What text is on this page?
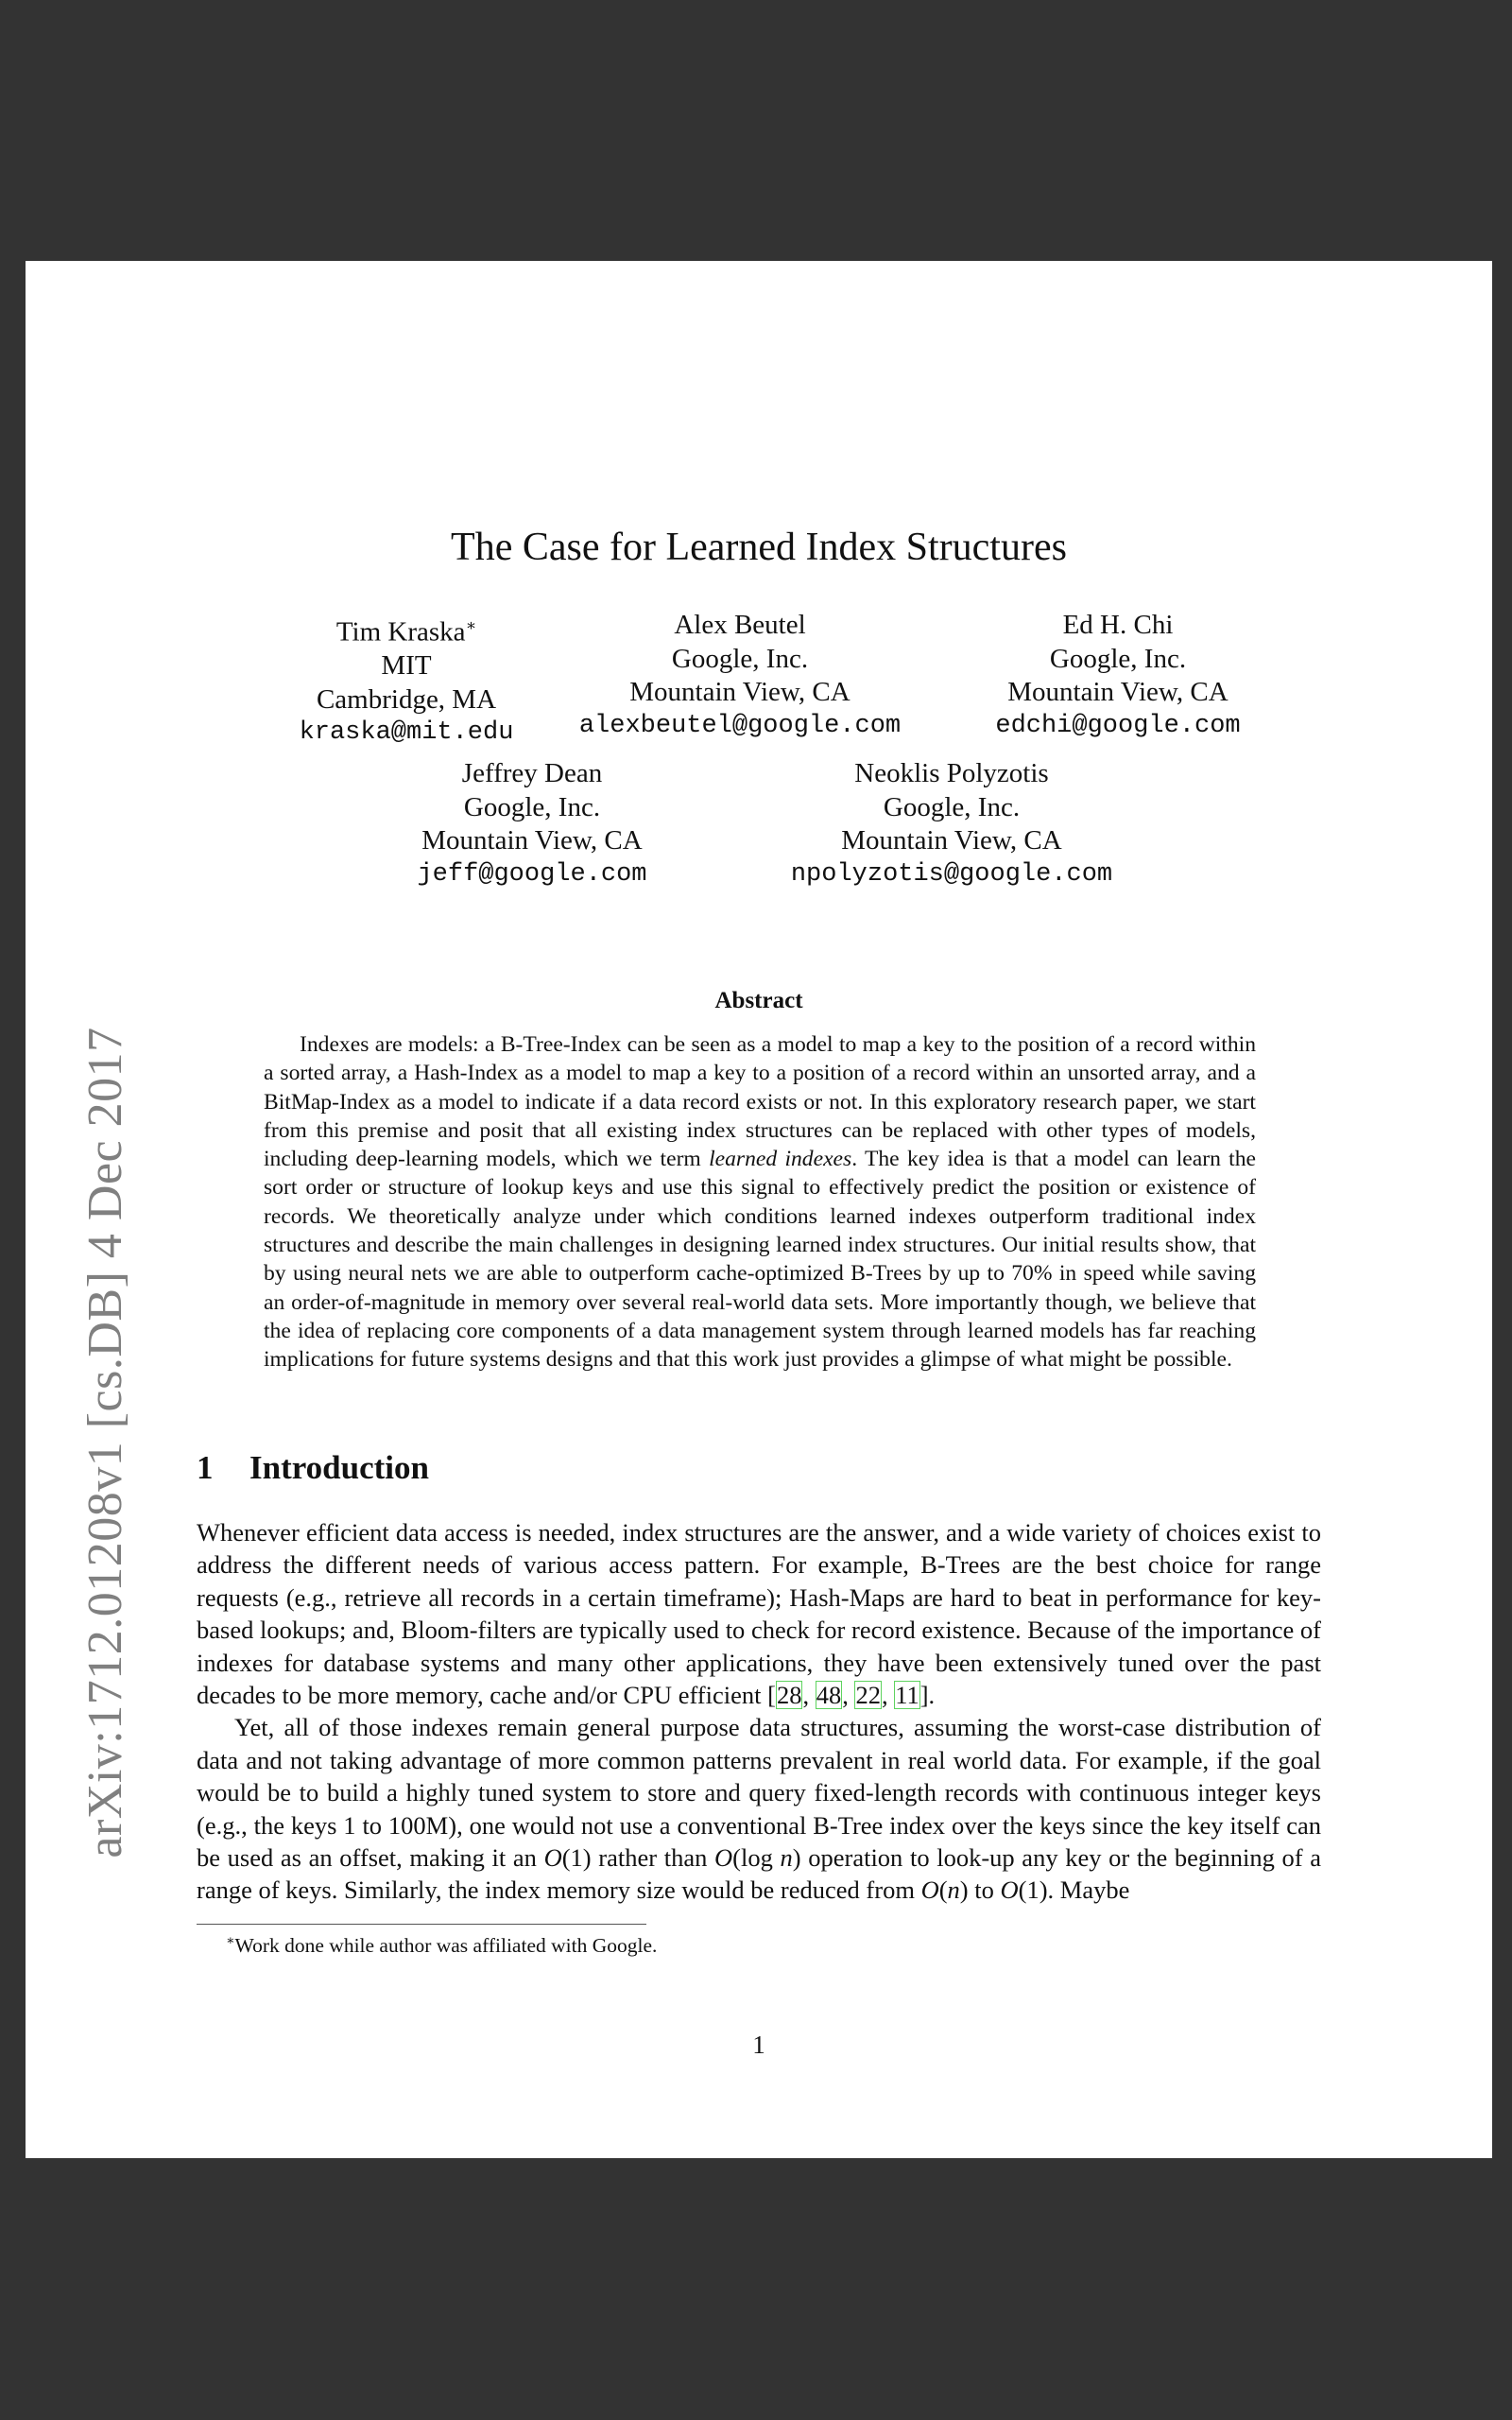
arXiv:1712.01208v1 [cs.DB] 4 Dec 2017
The Case for Learned Index Structures
Tim Kraska∗
MIT
Cambridge, MA
kraska@mit.edu
Alex Beutel
Google, Inc.
Mountain View, CA
alexbeutel@google.com
Ed H. Chi
Google, Inc.
Mountain View, CA
edchi@google.com
Jeffrey Dean
Google, Inc.
Mountain View, CA
jeff@google.com
Neoklis Polyzotis
Google, Inc.
Mountain View, CA
npolyzotis@google.com
Abstract

Indexes are models: a B-Tree-Index can be seen as a model to map a key to the position of a record within a sorted array, a Hash-Index as a model to map a key to a position of a record within an unsorted array, and a BitMap-Index as a model to indicate if a data record exists or not. In this exploratory research paper, we start from this premise and posit that all existing index structures can be replaced with other types of models, including deep-learning models, which we term learned indexes. The key idea is that a model can learn the sort order or structure of lookup keys and use this signal to effectively predict the position or existence of records. We theoretically analyze under which conditions learned indexes outperform traditional index structures and describe the main challenges in designing learned index structures. Our initial results show, that by using neural nets we are able to outperform cache-optimized B-Trees by up to 70% in speed while saving an order-of-magnitude in memory over several real-world data sets. More importantly though, we believe that the idea of replacing core components of a data management system through learned models has far reaching implications for future systems designs and that this work just provides a glimpse of what might be possible.

1 Introduction

Whenever efficient data access is needed, index structures are the answer, and a wide variety of choices exist to address the different needs of various access pattern. For example, B-Trees are the best choice for range requests (e.g., retrieve all records in a certain timeframe); Hash-Maps are hard to beat in performance for key-based lookups; and, Bloom-filters are typically used to check for record existence. Because of the importance of indexes for database systems and many other applications, they have been extensively tuned over the past decades to be more memory, cache and/or CPU efficient [28, 48, 22, 11].

Yet, all of those indexes remain general purpose data structures, assuming the worst-case distribution of data and not taking advantage of more common patterns prevalent in real world data. For example, if the goal would be to build a highly tuned system to store and query fixed-length records with continuous integer keys (e.g., the keys 1 to 100M), one would not use a conventional B-Tree index over the keys since the key itself can be used as an offset, making it an O(1) rather than O(log n) operation to look-up any key or the beginning of a range of keys. Similarly, the index memory size would be reduced from O(n) to O(1). Maybe

∗Work done while author was affiliated with Google.
1
